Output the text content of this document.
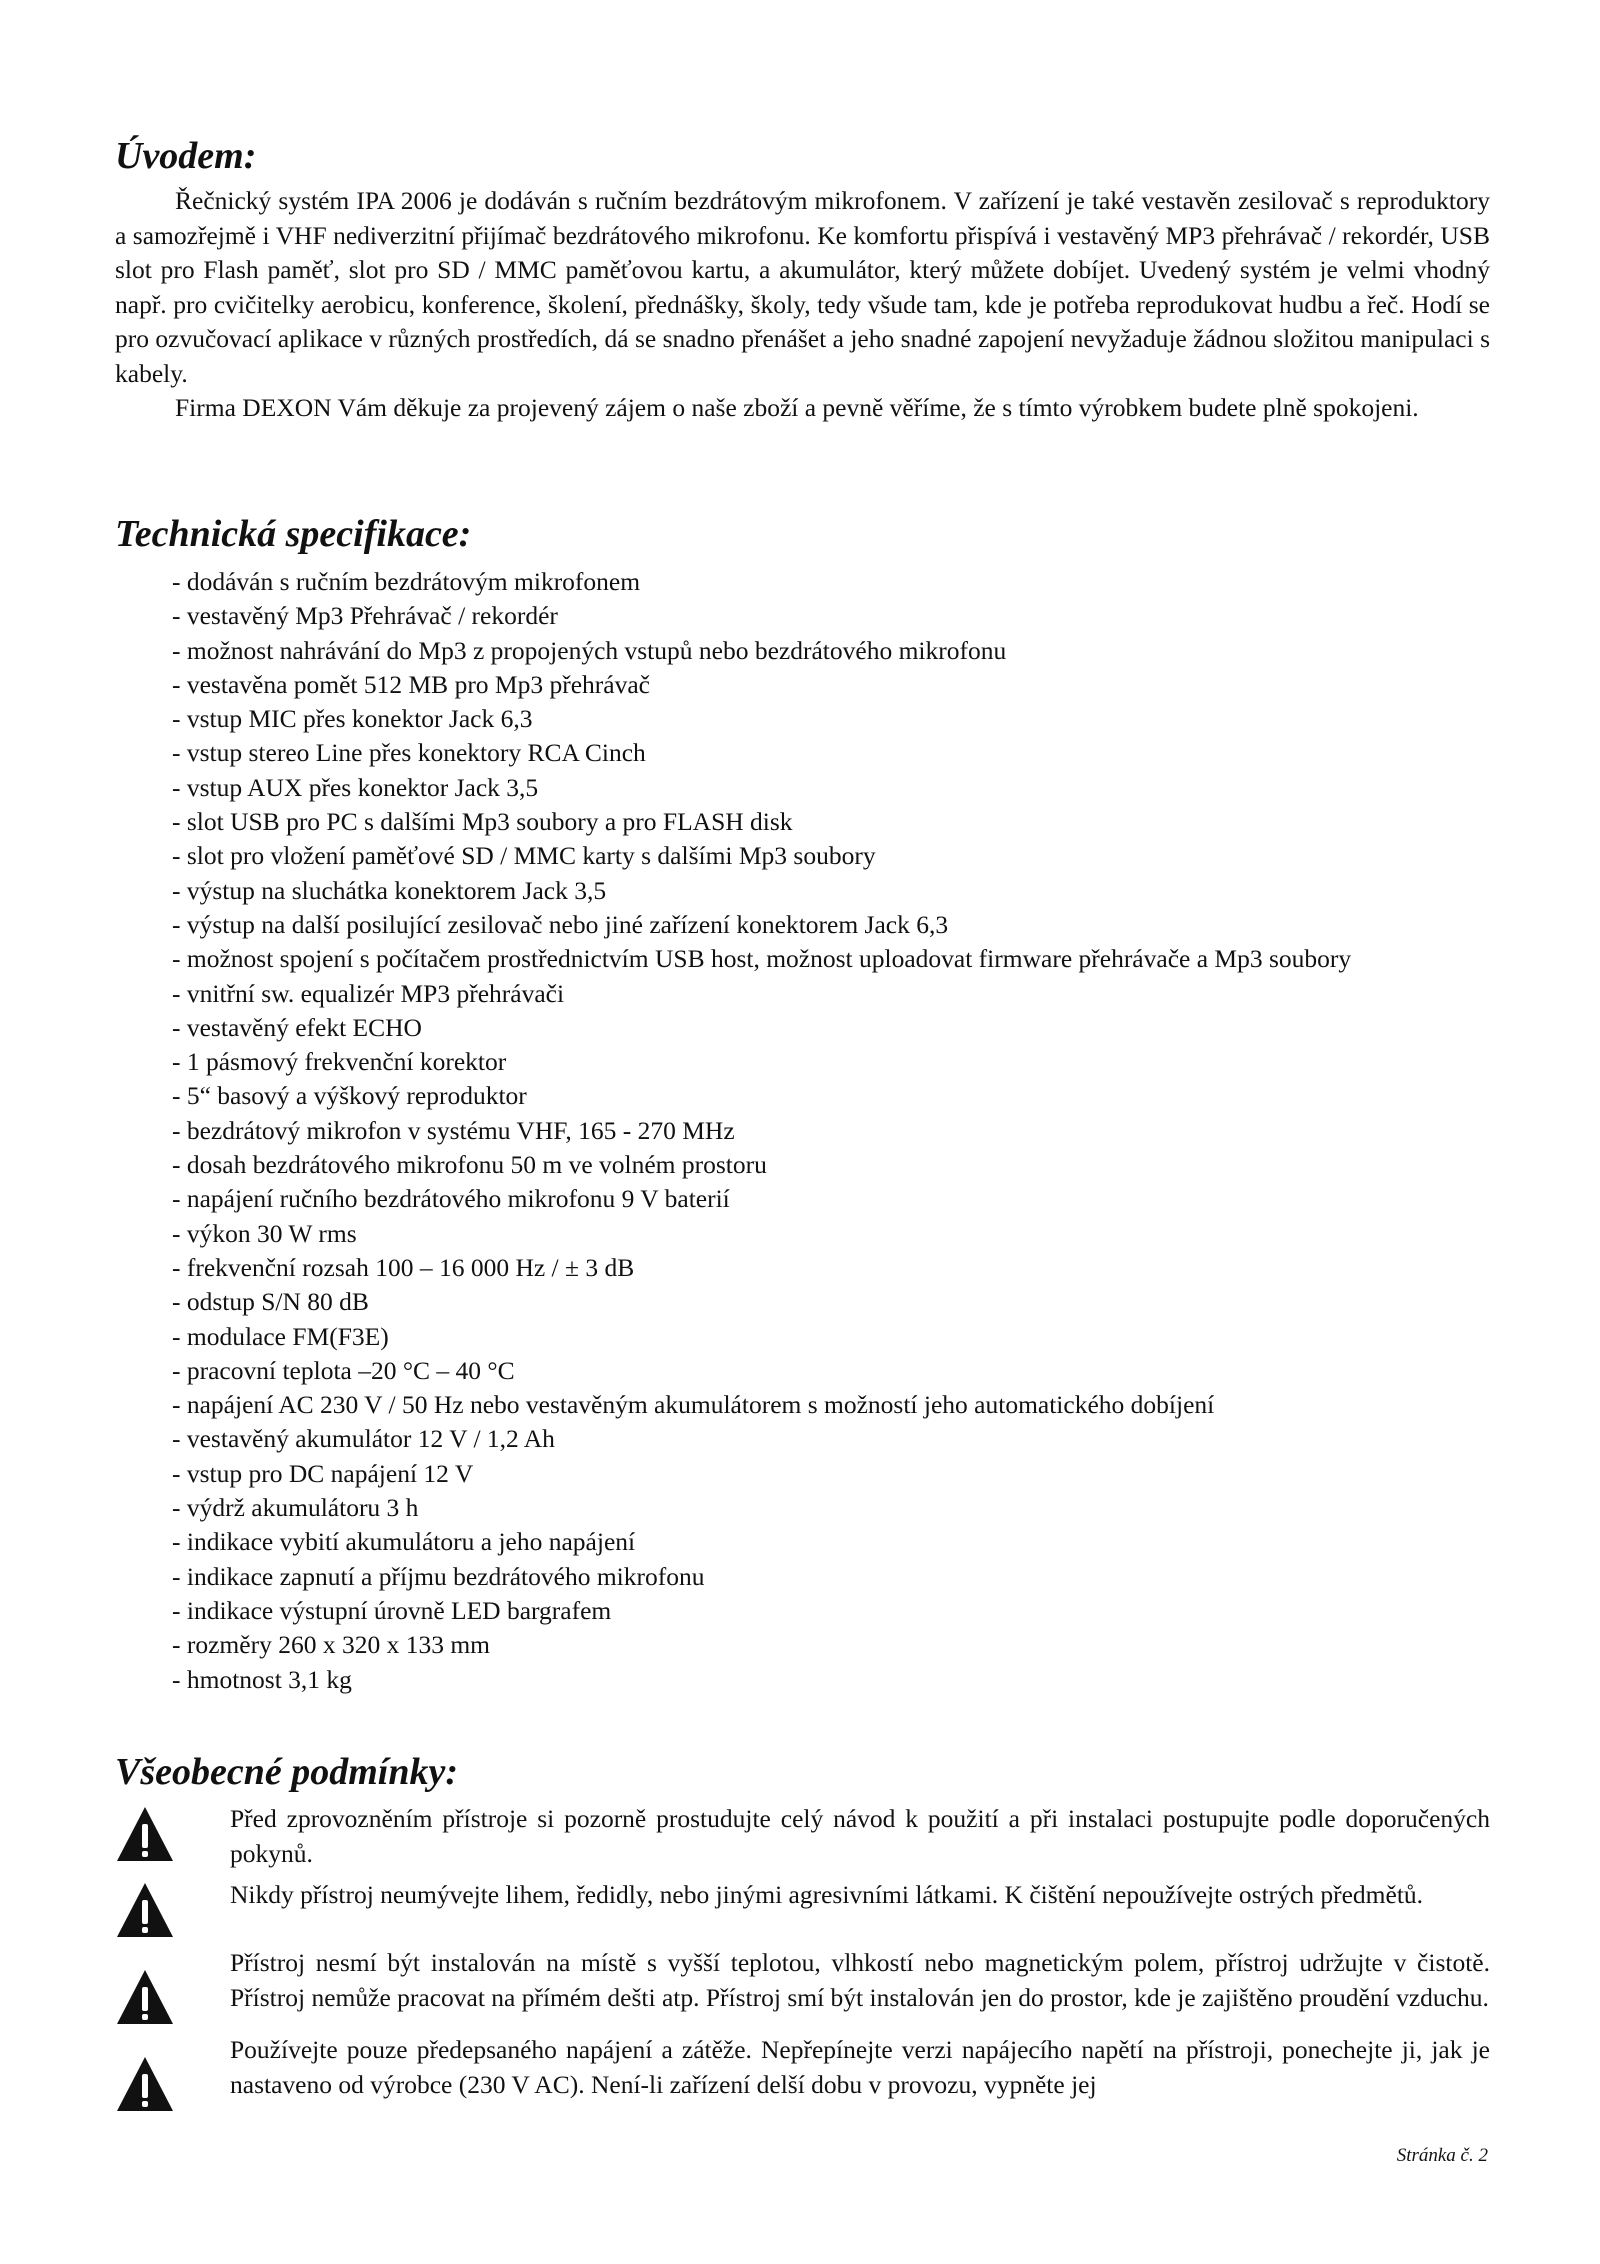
Úvodem:

Řečnický systém IPA 2006 je dodáván s ručním bezdrátovým mikrofonem. V zařízení je také vestavěn zesilovač s reproduktory a samozřejmě i VHF nediverzitní přijímač bezdrátového mikrofonu. Ke komfortu přispívá i vestavěný MP3 přehrávač / rekordér, USB slot pro Flash paměť, slot pro SD / MMC paměťovou kartu, a akumulátor, který můžete dobíjet. Uvedený systém je velmi vhodný např. pro cvičitelky aerobicu, konference, školení, přednášky, školy, tedy všude tam, kde je potřeba reprodukovat hudbu a řeč. Hodí se pro ozvučovací aplikace v různých prostředích, dá se snadno přenášet a jeho snadné zapojení nevyžaduje žádnou složitou manipulaci s kabely.

Firma DEXON Vám děkuje za projevený zájem o naše zboží a pevně věříme, že s tímto výrobkem budete plně spokojeni.

Technická specifikace:
- dodáván s ručním bezdrátovým mikrofonem
- vestavěný Mp3 Přehrávač / rekordér
- možnost nahrávání do Mp3 z propojených vstupů nebo bezdrátového mikrofonu
- vestavěna pomět 512 MB pro Mp3 přehrávač
- vstup MIC přes konektor Jack 6,3
- vstup stereo Line přes konektory RCA Cinch
- vstup AUX přes konektor Jack 3,5
- slot USB pro PC s dalšími Mp3 soubory a pro FLASH disk
- slot pro vložení paměťové SD / MMC karty s dalšími Mp3 soubory
- výstup na sluchátka konektorem Jack 3,5
- výstup na další posilující zesilovač nebo jiné zařízení konektorem Jack 6,3
- možnost spojení s počítačem prostřednictvím USB host, možnost uploadovat firmware přehrávače a Mp3 soubory
- vnitřní sw. equalizér MP3 přehrávači
- vestavěný efekt ECHO
- 1 pásmový frekvenční korektor
- 5“ basový a výškový reproduktor
- bezdrátový mikrofon v systému VHF, 165 - 270 MHz
- dosah bezdrátového mikrofonu 50 m ve volném prostoru
- napájení ručního bezdrátového mikrofonu 9 V baterií
- výkon 30 W rms
- frekvenční rozsah 100 – 16 000 Hz / ± 3 dB
- odstup S/N 80 dB
- modulace FM(F3E)
- pracovní teplota –20 °C – 40 °C
- napájení AC 230 V / 50 Hz nebo vestavěným akumulátorem s možností jeho automatického dobíjení
- vestavěný akumulátor 12 V / 1,2 Ah
- vstup pro DC napájení 12 V
- výdrž akumulátoru 3 h
- indikace vybití akumulátoru a jeho napájení
- indikace zapnutí a příjmu bezdrátového mikrofonu
- indikace výstupní úrovně LED bargrafem
- rozměry 260 x 320 x 133 mm
- hmotnost 3,1 kg
Všeobecné podmínky:
Před zprovozněním přístroje si pozorně prostudujte celý návod k použití a při instalaci postupujte podle doporučených pokynů.
Nikdy přístroj neumývejte lihem, ředidly, nebo jinými agresivními látkami. K čištění nepoužívejte ostrých předmětů.
Přístroj nesmí být instalován na místě s vyšší teplotou, vlhkostí nebo magnetickým polem, přístroj udržujte v čistotě. Přístroj nemůže pracovat na přímém dešti atp. Přístroj smí být instalován jen do prostor, kde je zajištěno proudění vzduchu.
Používejte pouze předepsaného napájení a zátěže. Nepřepínejte verzi napájecího napětí na přístroji, ponechejte ji, jak je nastaveno od výrobce (230 V AC). Není-li zařízení delší dobu v provozu, vypněte jej
Stránka č. 2
